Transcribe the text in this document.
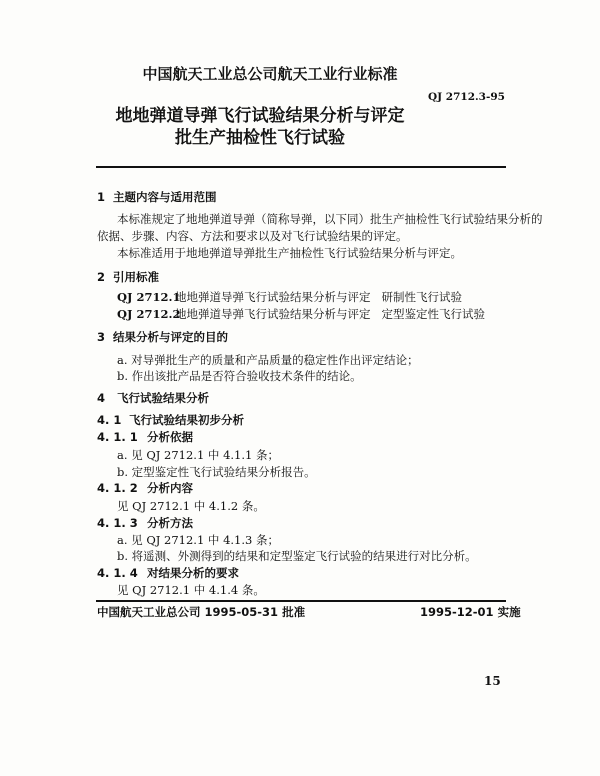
中国航天工业总公司航天工业行业标准
QJ 2712.3-95
地地弹道导弹飞行试验结果分析与评定
批生产抽检性飞行试验
1 主题内容与适用范围
本标准规定了地地弹道导弹（简称导弹，以下同）批生产抽检性飞行试验结果分析的
依据、步骤、内容、方法和要求以及对飞行试验结果的评定。
本标准适用于地地弹道导弹批生产抽检性飞行试验结果分析与评定。
2 引用标准
QJ 2712.1地地弹道导弹飞行试验结果分析与评定 研制性飞行试验
QJ 2712.2地地弹道导弹飞行试验结果分析与评定 定型鉴定性飞行试验
3 结果分析与评定的目的
a. 对导弹批生产的质量和产品质量的稳定性作出评定结论；
b. 作出该批产品是否符合验收技术条件的结论。
4 飞行试验结果分析
4. 1 飞行试验结果初步分析
4. 1. 1 分析依据
a. 见 QJ 2712.1 中 4.1.1 条；
b. 定型鉴定性飞行试验结果分析报告。
4. 1. 2 分析内容
见 QJ 2712.1 中 4.1.2 条。
4. 1. 3 分析方法
a. 见 QJ 2712.1 中 4.1.3 条；
b. 将遥测、外测得到的结果和定型鉴定飞行试验的结果进行对比分析。
4. 1. 4 对结果分析的要求
见 QJ 2712.1 中 4.1.4 条。
中国航天工业总公司 1995-05-31 批准	1995-12-01 实施
15
